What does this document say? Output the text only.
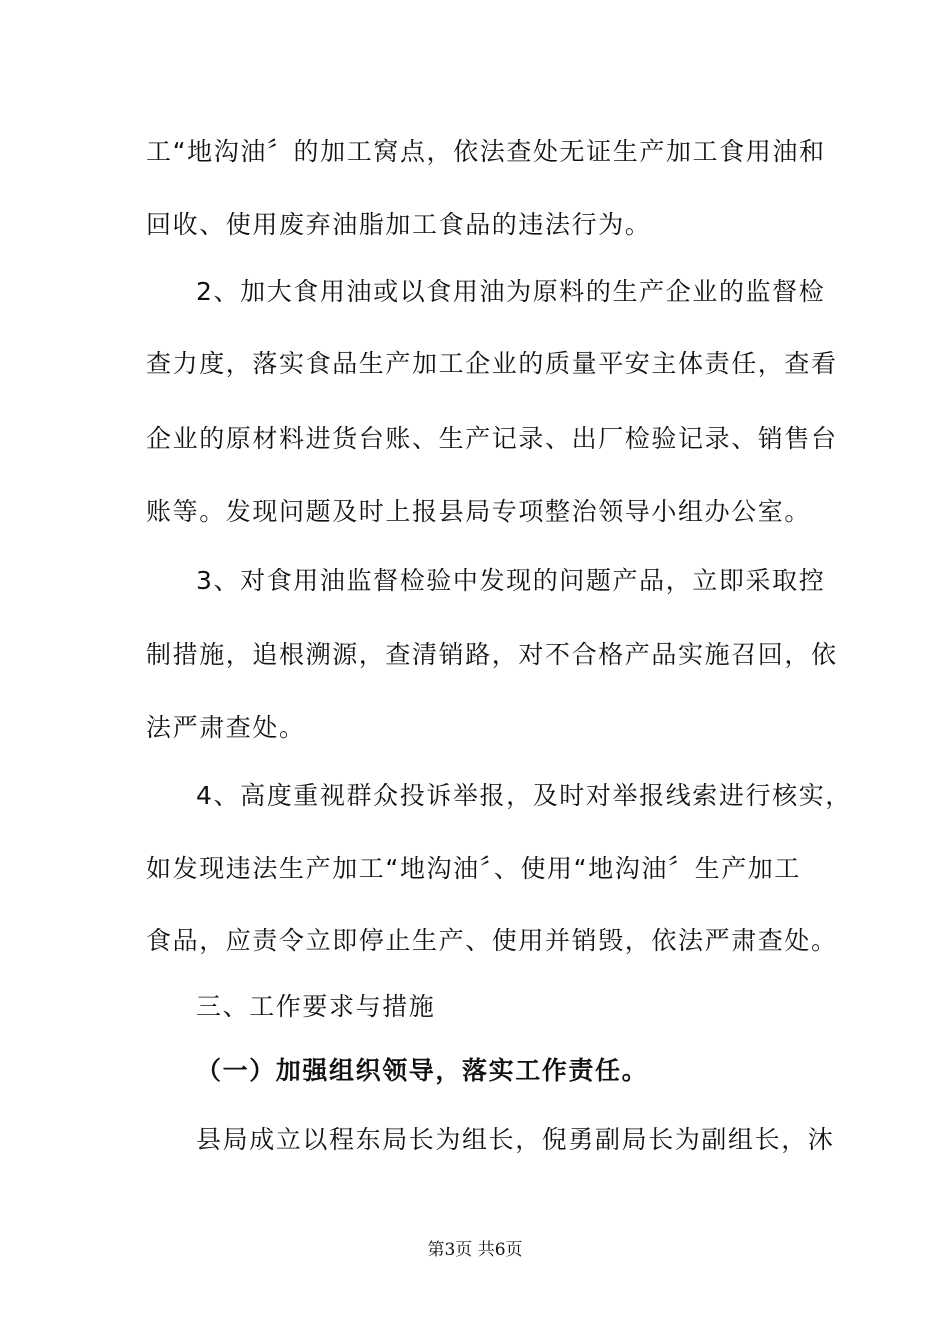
工“地沟油〞的加工窝点，依法查处无证生产加工食用油和
回收、使用废弃油脂加工食品的违法行为。
2、加大食用油或以食用油为原料的生产企业的监督检
查力度，落实食品生产加工企业的质量平安主体责任，查看
企业的原材料进货台账、生产记录、出厂检验记录、销售台
账等。发现问题及时上报县局专项整治领导小组办公室。
3、对食用油监督检验中发现的问题产品，立即采取控
制措施，追根溯源，查清销路，对不合格产品实施召回，依
法严肃查处。
4、高度重视群众投诉举报，及时对举报线索进行核实，
如发现违法生产加工“地沟油〞、使用“地沟油〞生产加工
食品，应责令立即停止生产、使用并销毁，依法严肃查处。
三、工作要求与措施
（一）加强组织领导，落实工作责任。
县局成立以程东局长为组长，倪勇副局长为副组长，沐
第3页 共6页
